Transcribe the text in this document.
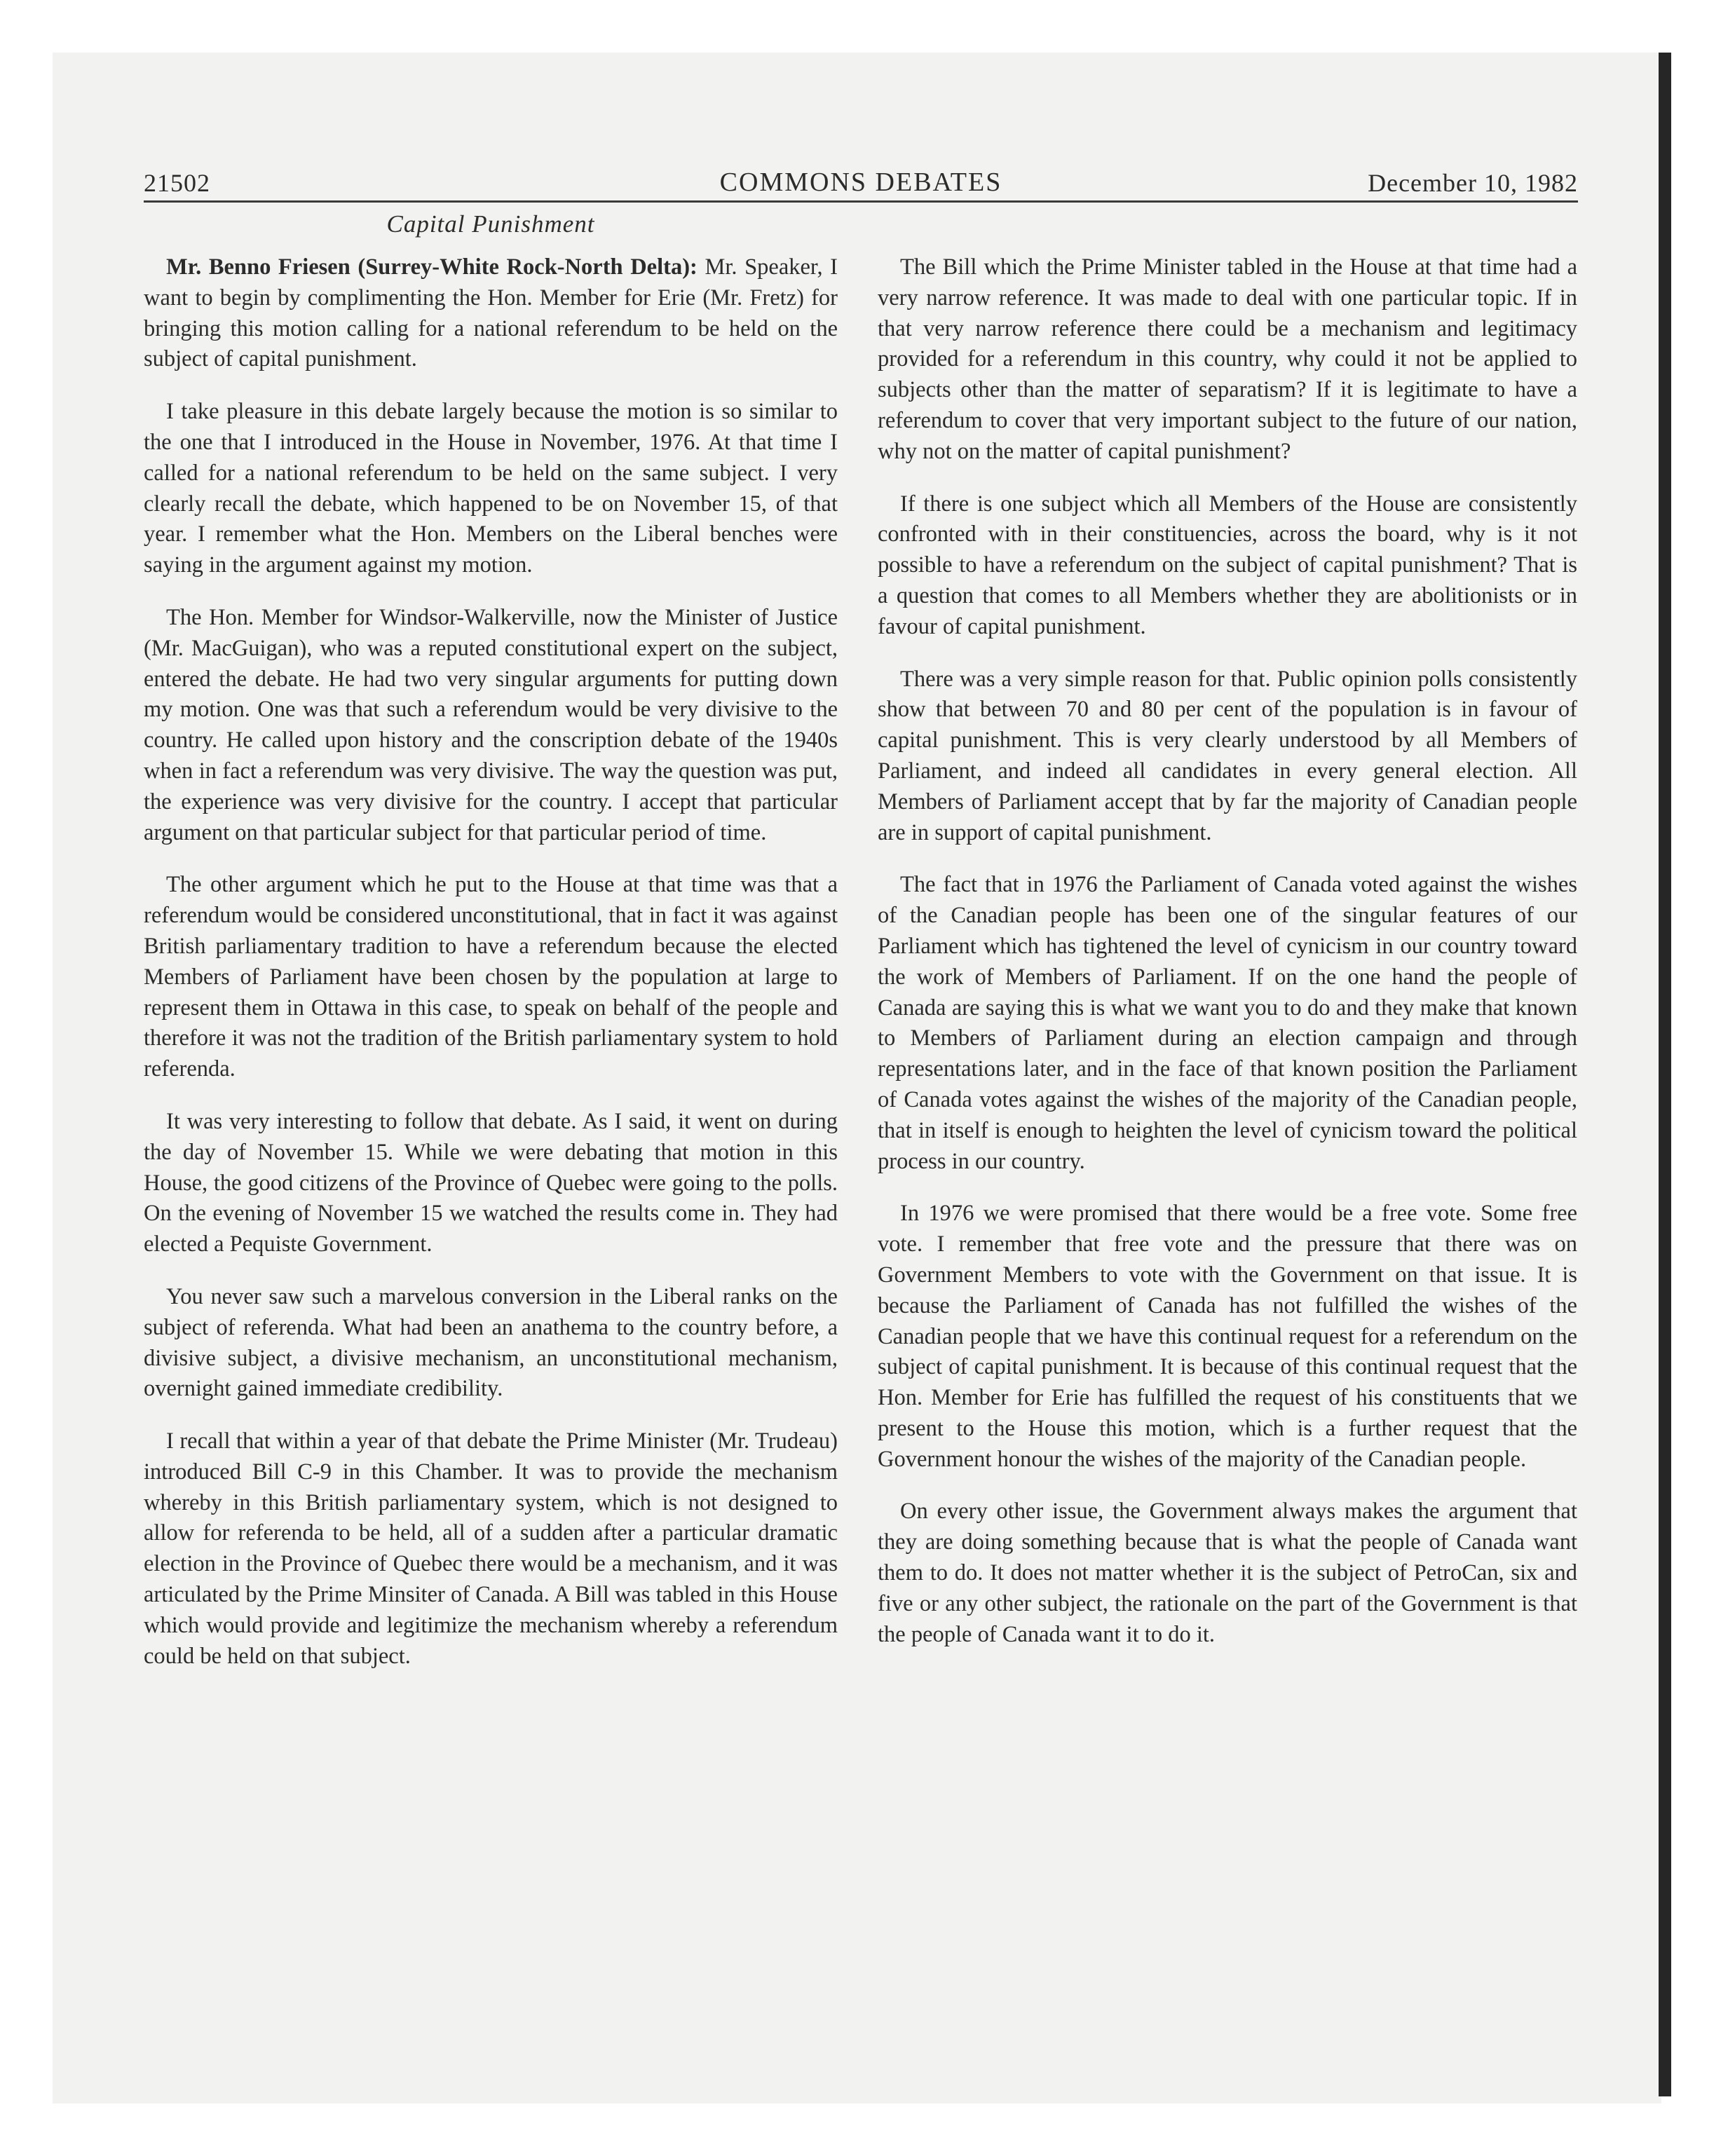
21502	COMMONS DEBATES	December 10, 1982
Capital Punishment

Mr. Benno Friesen (Surrey-White Rock-North Delta): Mr. Speaker, I want to begin by complimenting the Hon. Member for Erie (Mr. Fretz) for bringing this motion calling for a national referendum to be held on the subject of capital punishment.

I take pleasure in this debate largely because the motion is so similar to the one that I introduced in the House in November, 1976. At that time I called for a national referendum to be held on the same subject. I very clearly recall the debate, which happened to be on November 15, of that year. I remember what the Hon. Members on the Liberal benches were saying in the argument against my motion.

The Hon. Member for Windsor-Walkerville, now the Minister of Justice (Mr. MacGuigan), who was a reputed constitutional expert on the subject, entered the debate. He had two very singular arguments for putting down my motion. One was that such a referendum would be very divisive to the country. He called upon history and the conscription debate of the 1940s when in fact a referendum was very divisive. The way the question was put, the experience was very divisive for the country. I accept that particular argument on that particular subject for that particular period of time.

The other argument which he put to the House at that time was that a referendum would be considered unconstitutional, that in fact it was against British parliamentary tradition to have a referendum because the elected Members of Parliament have been chosen by the population at large to represent them in Ottawa in this case, to speak on behalf of the people and therefore it was not the tradition of the British parliamentary system to hold referenda.

It was very interesting to follow that debate. As I said, it went on during the day of November 15. While we were debating that motion in this House, the good citizens of the Province of Quebec were going to the polls. On the evening of November 15 we watched the results come in. They had elected a Pequiste Government.

You never saw such a marvelous conversion in the Liberal ranks on the subject of referenda. What had been an anathema to the country before, a divisive subject, a divisive mechanism, an unconstitutional mechanism, overnight gained immediate credibility.

I recall that within a year of that debate the Prime Minister (Mr. Trudeau) introduced Bill C-9 in this Chamber. It was to provide the mechanism whereby in this British parliamentary system, which is not designed to allow for referenda to be held, all of a sudden after a particular dramatic election in the Province of Quebec there would be a mechanism, and it was articulated by the Prime Minsiter of Canada. A Bill was tabled in this House which would provide and legitimize the mechanism whereby a referendum could be held on that subject.

The Bill which the Prime Minister tabled in the House at that time had a very narrow reference. It was made to deal with one particular topic. If in that very narrow reference there could be a mechanism and legitimacy provided for a referendum in this country, why could it not be applied to subjects other than the matter of separatism? If it is legitimate to have a referendum to cover that very important subject to the future of our nation, why not on the matter of capital punishment?

If there is one subject which all Members of the House are consistently confronted with in their constituencies, across the board, why is it not possible to have a referendum on the subject of capital punishment? That is a question that comes to all Members whether they are abolitionists or in favour of capital punishment.

There was a very simple reason for that. Public opinion polls consistently show that between 70 and 80 per cent of the population is in favour of capital punishment. This is very clearly understood by all Members of Parliament, and indeed all candidates in every general election. All Members of Parliament accept that by far the majority of Canadian people are in support of capital punishment.

The fact that in 1976 the Parliament of Canada voted against the wishes of the Canadian people has been one of the singular features of our Parliament which has tightened the level of cynicism in our country toward the work of Members of Parliament. If on the one hand the people of Canada are saying this is what we want you to do and they make that known to Members of Parliament during an election campaign and through representations later, and in the face of that known position the Parliament of Canada votes against the wishes of the majority of the Canadian people, that in itself is enough to heighten the level of cynicism toward the political process in our country.

In 1976 we were promised that there would be a free vote. Some free vote. I remember that free vote and the pressure that there was on Government Members to vote with the Government on that issue. It is because the Parliament of Canada has not fulfilled the wishes of the Canadian people that we have this continual request for a referendum on the subject of capital punishment. It is because of this continual request that the Hon. Member for Erie has fulfilled the request of his constituents that we present to the House this motion, which is a further request that the Government honour the wishes of the majority of the Canadian people.

On every other issue, the Government always makes the argument that they are doing something because that is what the people of Canada want them to do. It does not matter whether it is the subject of PetroCan, six and five or any other subject, the rationale on the part of the Government is that the people of Canada want it to do it.
